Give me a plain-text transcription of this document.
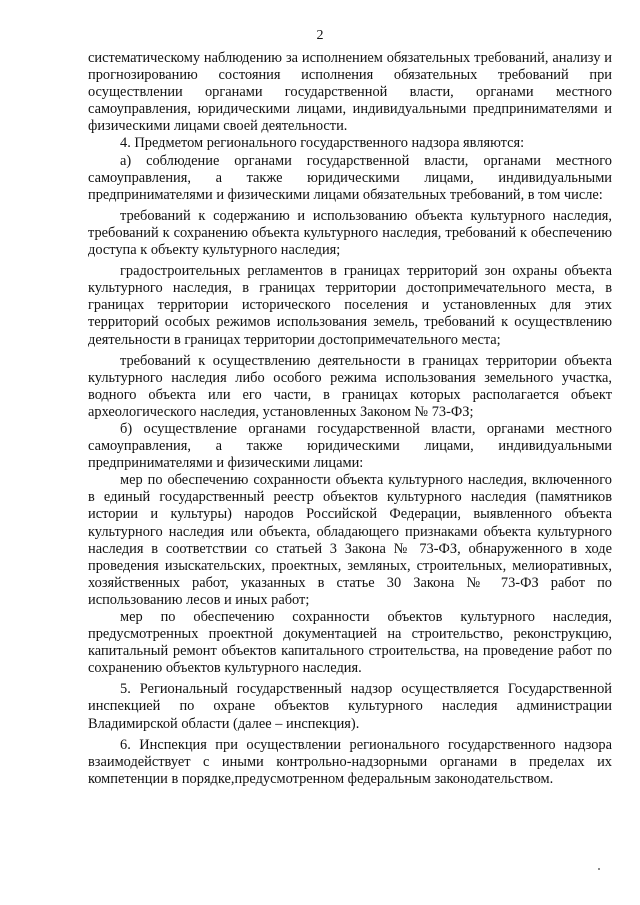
2

систематическому наблюдению за исполнением обязательных требований, анализу и прогнозированию состояния исполнения обязательных требований при осуществлении органами государственной власти, органами местного самоуправления, юридическими лицами, индивидуальными предпринимателями и физическими лицами своей деятельности.

4. Предметом регионального государственного надзора являются:

а) соблюдение органами государственной власти, органами местного самоуправления, а также юридическими лицами, индивидуальными предпринимателями и физическими лицами обязательных требований, в том числе:

требований к содержанию и использованию объекта культурного наследия, требований к сохранению объекта культурного наследия, требований к обеспечению доступа к объекту культурного наследия;

градостроительных регламентов в границах территорий зон охраны объекта культурного наследия, в границах территории достопримечательного места, в границах территории исторического поселения и установленных для этих территорий особых режимов использования земель, требований к осуществлению деятельности в границах территории достопримечательного места;

требований к осуществлению деятельности в границах территории объекта культурного наследия либо особого режима использования земельного участка, водного объекта или его части, в границах которых располагается объект археологического наследия, установленных Законом № 73-ФЗ;

б) осуществление органами государственной власти, органами местного самоуправления, а также юридическими лицами, индивидуальными предпринимателями и физическими лицами:

мер по обеспечению сохранности объекта культурного наследия, включенного в единый государственный реестр объектов культурного наследия (памятников истории и культуры) народов Российской Федерации, выявленного объекта культурного наследия или объекта, обладающего признаками объекта культурного наследия в соответствии со статьей 3 Закона № 73-ФЗ, обнаруженного в ходе проведения изыскательских, проектных, земляных, строительных, мелиоративных, хозяйственных работ, указанных в статье 30 Закона № 73-ФЗ работ по использованию лесов и иных работ;

мер по обеспечению сохранности объектов культурного наследия, предусмотренных проектной документацией на строительство, реконструкцию, капитальный ремонт объектов капитального строительства, на проведение работ по сохранению объектов культурного наследия.

5. Региональный государственный надзор осуществляется Государственной инспекцией по охране объектов культурного наследия администрации Владимирской области (далее – инспекция).

6. Инспекция при осуществлении регионального государственного надзора взаимодействует с иными контрольно-надзорными органами в пределах их компетенции в порядке,предусмотренном федеральным законодательством.
